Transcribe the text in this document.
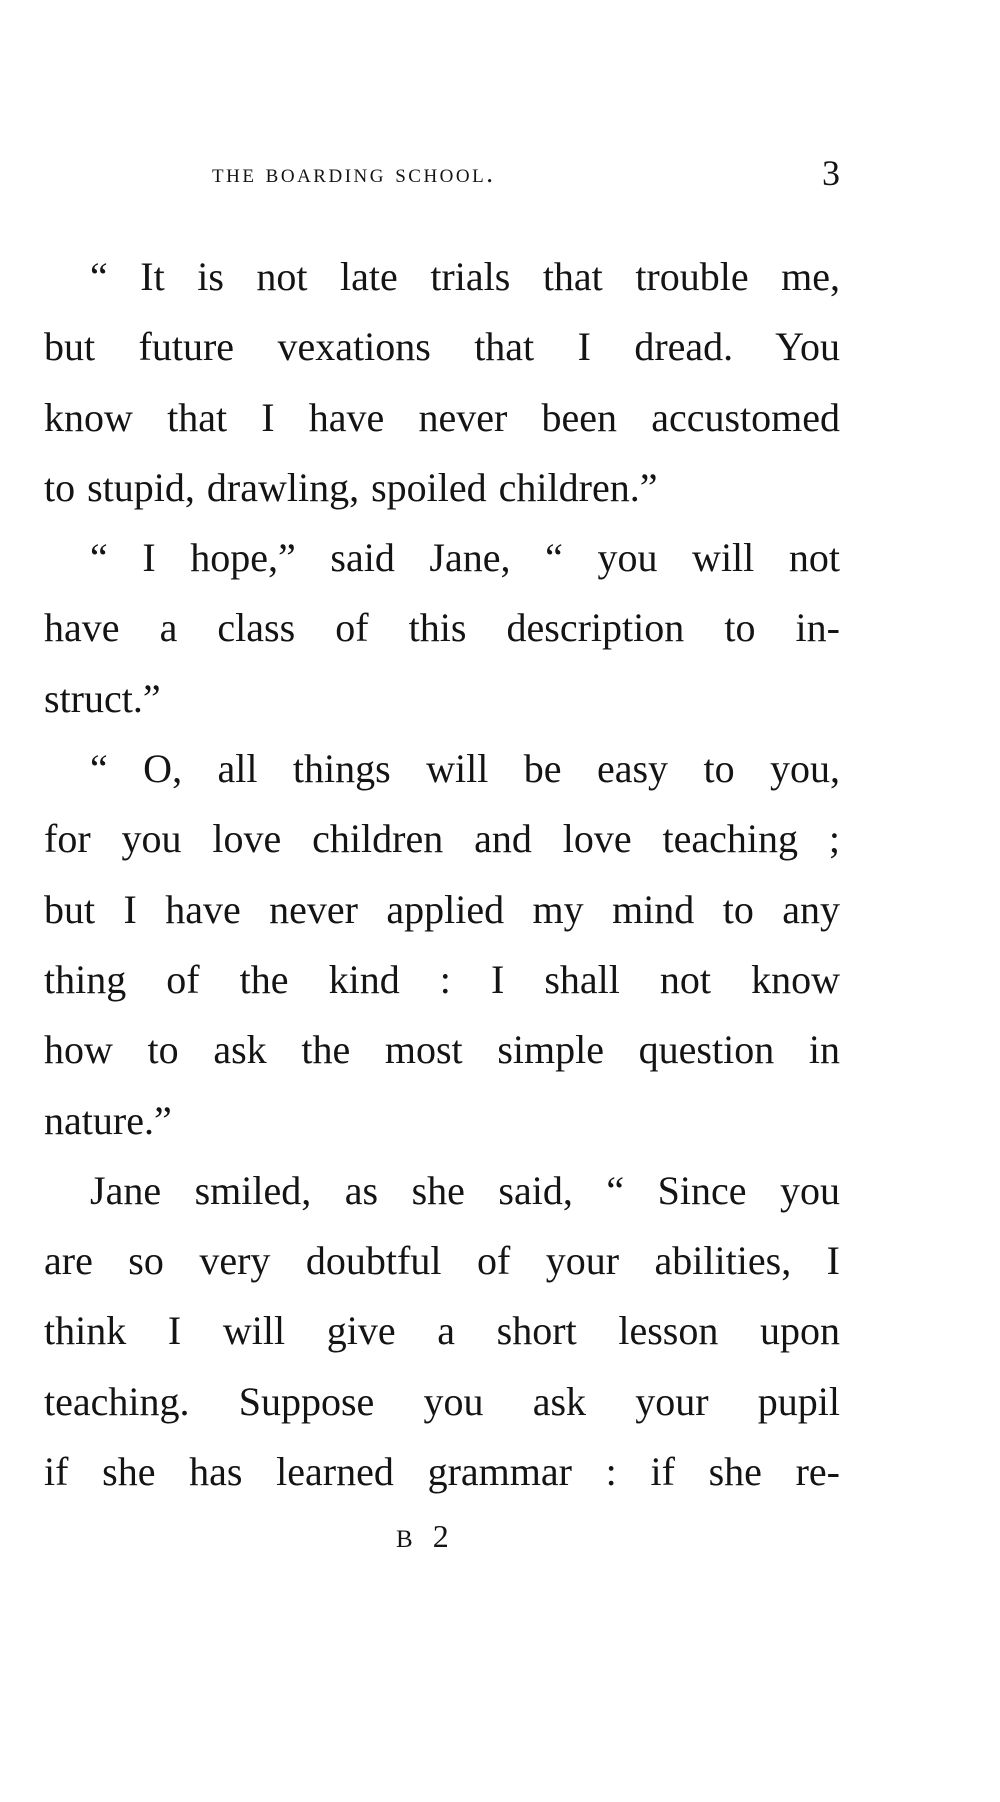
the boarding school.	3
“ It is not late trials that trouble me,
but future vexations that I dread. You
know that I have never been accustomed
to stupid, drawling, spoiled children.”
“ I hope,” said Jane, “ you will not
have a class of this description to in-
struct.”
“ O, all things will be easy to you,
for you love children and love teaching ;
but I have never applied my mind to any
thing of the kind : I shall not know
how to ask the most simple question in
nature.”
Jane smiled, as she said, “ Since you
are so very doubtful of your abilities, I
think I will give a short lesson upon
teaching. Suppose you ask your pupil
if she has learned grammar : if she re-
B 2
